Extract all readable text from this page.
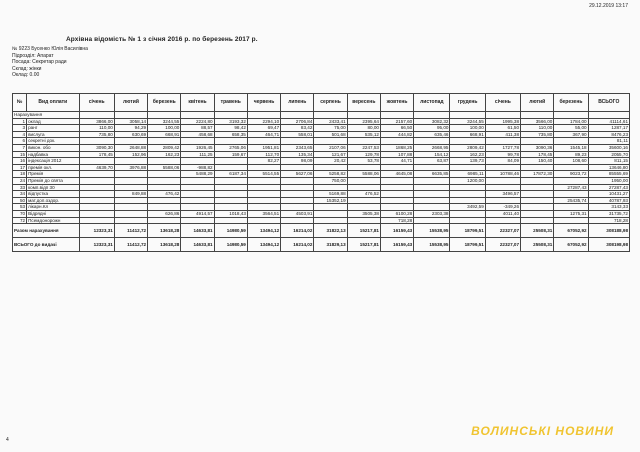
29.12.2019 13:17
Архівна відомість № 1 з січня 2016 р. по березень 2017 р.
№ 9223 Бусенко Юлія Василівна
Підрозділ: Апарат
Посада: Секретар ради
Склад: жінки
Оклад: 0.00
№	Вид оплати	січень	лютий	березень	квітень	травень	червень	липень	серпень	вересень	жовтень	листопад	грудень	січень	лютий	березень	ВСЬОГО
Нарахування																	
1	оклад	3866,00	3058,14	3244,55	2224,80	3193,32	2294,10	2706,84	2433,41	2395,64	2157,60	3082,32	3244,55	1995,38	3566,00	1784,00	41114,61
3	ранг	110,00	94,29	100,00	88,57	98,42	69,47	83,42	75,00	80,00	66,50	95,00	100,00	61,50	110,00	55,00	1287,17
4	вислуга	735,80	630,69	668,91	458,68	658,35	464,71	558,01	501,68	535,12	444,82	635,46	668,91	411,38	735,80	367,90	8476,23
6	секретні док.																81,11
7	викон. обо	3090,30	2648,88	2809,42	1926,45	2765,06	1951,81	2343,65	2107,06	2247,53	1868,25	2668,95	2809,42	1727,78	3090,36	1545,18	35600,16
15	надбавка	178,45	152,96	162,23	111,25	159,67	112,70	135,34	121,67	129,78	107,88	154,12	162,23	99,78	178,45	89,23	2055,70
16	індексація 2012						82,27	98,09	20,42	53,78	44,71	63,87	139,73	84,09	150,40	108,60	811,15
17	премія окл.	4639,70	3976,88	5588,06	-988,82												13646,80
18	Премія				5488,29	6187,34	5514,55	5627,06	5258,82	5588,06	4645,08	6635,85	6985,11	10788,46	17872,30	9023,72	85555,69
24	Премія до свята								750,00				1200,00				1950,00
33	комп.відп 30															27287,43	27287,43
34	відпустка		849,88	476,42					5169,88	476,52				3496,57			10431,27
50	мат.доп.оздор.								15352,19							25435,74	40787,93
53	лікарн.Кл												3492,59	-349,26			3143,33
70	Відрядні			626,86	4914,57	1018,43	3564,51	4503,91		3505,38	6100,28	2303,38		4011,40		1275,31	31735,72
72	Псемдонорожн										718,28						718,28
Разом нарахування		12323,31	11412,72	13618,28	14633,81	14980,59	13494,12	16214,02	31822,13	15217,81	16159,43	15538,95	18799,51	22327,07	25508,31	67052,92	308188,98
ВСЬОГО до видачі		12323,31	11412,72	13618,28	14633,81	14980,59	13494,12	16214,02	31829,13	15217,81	16159,43	15538,95	18799,51	22327,07	25508,31	67052,92	308198,98
ВОЛИНСЬКІ НОВИНИ
4
